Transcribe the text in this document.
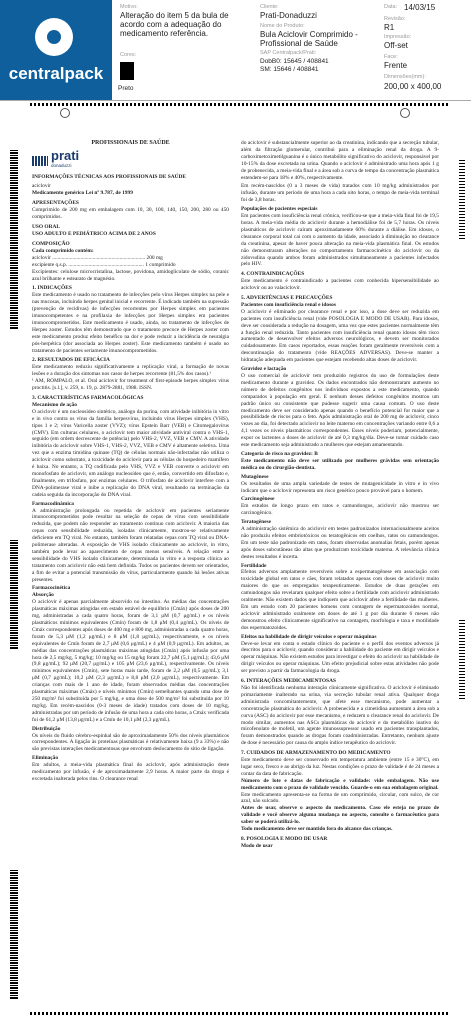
centralpack
Motivo:
Alteração do item 5 da bula de acordo com a adequação do medicamento referência.
Cores:
Preto
Cliente:
Prati-Donaduzzi
Nome do Produto:
Bula Aciclovir Comprimido - Profissional de Saúde
SAP Centralpack/Prati:
DobB0: 15645 / 408841
SM: 15646 / 408841
Data: 14/03/15
Revisão:
R1
Impressão:
Off-set
Face:
Frente
Dimensões(mm):
200,00 x 400,00

PROFISSIONAIS DE SAÚDE

prati
donaduzzi

INFORMAÇÕES TÉCNICAS AOS PROFISSIONAIS DE SAÚDE

aciclovir

Medicamento genérico Lei nº 9.787, de 1999

APRESENTAÇÕES

Comprimido de 200 mg em embalagem com 10, 30, 100, 140, 150, 200, 280 ou 450 comprimidos.

USO ORAL

USO ADULTO E PEDIÁTRICO ACIMA DE 2 ANOS

COMPOSIÇÃO

Cada comprimido contém:

aciclovir ..................................................................... 200 mg

excipiente q.s.p. ........................................................ 1 comprimido

Excipientes: celulose microcristalina, lactose, povidona, amidoglicolato de sódio, coranic azul brilhante e estearato de magnésio.

1. INDICAÇÕES

Este medicamento é usado no tratamento de infecções pelo vírus Herpes simplex na pele e nas mucosas, incluindo herpes genital inicial e recorrente. É indicado também na supressão (prevenção de recidivas) de infecções recorrentes por Herpes simplex em pacientes imunocompetentes e na profilaxia de infecções por Herpes simplex em pacientes imunocomprometidos. Este medicamento é usado, ainda, no tratamento de infecções de Herpes zoster. Estudos têm demonstrado que o tratamento precoce de Herpes zoster com este medicamento produz efeito benéfico na dor e pode reduzir a incidência de neuralgia pós-herpética (dor associada ao Herpes zoster). Este medicamento também é usado no tratamento de pacientes seriamente imunocomprometidos.

2. RESULTADOS DE EFICÁCIA

Este medicamento reduziu significativamente a replicação viral, a formação de novas lesões e a duração dos sintomas nos casos de herpes recorrente (81,5% dos casos).¹

¹ AM, ROMPALO, et al. Oral aciclovir for treatment of first-episode herpes simplex virus proctitis. [s.l.], v. 259, n. 19, p. 2879-2881, 1988. ISSN.

3. CARACTERÍSTICAS FARMACOLÓGICAS

Mecanismo de ação

O aciclovir é um nucleosídeo sintético, análogo da purina, com atividade inibitória in vitro e in vivo contra os vírus da família herpesvírus, incluindo vírus Herpes simplex (VHS), tipos 1 e 2; vírus Varicella zoster (VVZ); vírus Epstein Barr (VEB) e Citomegalovírus (CMV). Em culturas celulares, o aciclovir tem maior atividade antiviral contra o VHS-1, seguido (em ordem decrescente de potência) pelo VHS-2, VVZ, VEB e CMV. A atividade inibitória do aciclovir sobre VHS-1, VHS-2, VVZ, VEB e CMV é altamente seletiva. Uma vez que a enzima timidina quinase (TQ) de células normais não-infectadas não utiliza o aciclovir como substrato, a toxicidade do aciclovir para as células do hospedeiro mamífero é baixa. No entanto, a TQ codificada pelo VHS, VVZ e VEB converte o aciclovir em monofosfato de aciclovir, um análogo nucleosídeo que é, então, convertido em difosfato e, finalmente, em trifosfato, por enzimas celulares. O trifosfato de aciclovir interfere com a DNA-polimerase viral e inibe a replicação do DNA viral, resultando na terminação da cadeia seguida da incorporação do DNA viral.

Farmacodinâmica

A administração prolongada ou repetida de aciclovir em pacientes seriamente imunocomprometidos pode resultar na seleção de cepas de vírus com sensibilidade reduzida, que podem não responder ao tratamento contínuo com aciclovir. A maioria das cepas com sensibilidade reduzida, isoladas clinicamente, mostrou-se relativamente deficiente em TQ viral. No entanto, também foram relatadas cepas com TQ viral ou DNA-polimerase alteradas. A exposição de VHS isolado clinicamente ao aciclovir, in vitro, também pode levar ao aparecimento de cepas menos sensíveis. A relação entre a sensibilidade do VHS isolado clinicamente, determinada in vitro e a resposta clínica ao tratamento com aciclovir não está bem definida. Todos os pacientes devem ser orientados, a fim de evitar a potencial transmissão do vírus, particularmente quando há lesões ativas presentes.

Farmacocinética

Absorção

O aciclovir é apenas parcialmente absorvido no intestino. As médias das concentrações plasmáticas máximas atingidas em estado estável de equilíbrio (Cmáx) após doses de 200 mg, administradas a cada quatro horas, foram de 3,1 μM (0,7 μg/mL) e os níveis plasmáticos mínimos equivalentes (Cmín) foram de 1,8 μM (0,4 μg/mL). Os níveis de Cmáx correspondentes após doses de 400 mg e 800 mg, administradas a cada quatro horas, foram de 5,3 μM (1,2 μg/mL) e 8 μM (1,8 μg/mL), respectivamente, e os níveis equivalentes de Cmín foram de 2,7 μM (0,6 μg/mL) e 4 μM (0,9 μg/mL). Em adultos, as médias das concentrações plasmáticas máximas atingidas (Cmáx) após infusão por uma hora de 2,5 mg/kg, 5 mg/kg; 10 mg/kg ou 15 mg/kg foram 22,7 μM (5,1 μg/mL); 43,6 μM (9,8 μg/mL); 92 μM (20,7 μg/mL) e 105 μM (23,6 μg/mL), respectivamente. Os níveis mínimos equivalentes (Cmín), sete horas mais tarde, foram de 2,2 μM (0,5 μg/mL); 3,1 μM (0,7 μg/mL); 10,2 μM (2,3 μg/mL) e 8,8 μM (2,0 μg/mL), respectivamente. Em crianças com mais de 1 ano de idade, foram observados médias das concentrações plasmáticas máximas (Cmáx) e níveis mínimos (Cmín) semelhantes quando uma dose de 250 mg/m² foi substituída por 5 mg/kg, e uma dose de 500 mg/m² foi substituída por 10 mg/kg. Em recém-nascidos (0-3 meses de idade) tratados com doses de 10 mg/kg, administradas por um período de infusão de uma hora a cada oito horas, a Cmáx verificada foi de 61,2 μM (13,8 μg/mL) e a Cmín de 10,1 μM (2,3 μg/mL).

Distribuição

Os níveis do fluido cérebro-espinhal são de aproximadamente 50% dos níveis plasmáticos correspondentes. A ligação às proteínas plasmáticas é relativamente baixa (9 a 33%) e não são previstas interações medicamentosas que envolvam deslocamento do sítio de ligação.

Eliminação

Em adultos, a meia-vida plasmática final do aciclovir, após administração deste medicamento por infusão, é de aproximadamente 2,9 horas. A maior parte da droga é excretada inalterada pelos rins. O clearance renal

do aciclovir é substancialmente superior ao da creatinina, indicando que a secreção tubular, além da filtração glomerular, contribui para a eliminação renal da droga. A 9-carboximetoximetilguanina é o único metabólito significativo do aciclovir, responsável por 10-15% da dose excretada na urina. Quando o aciclovir é administrado uma hora após 1 g de probenecida, a meia-vida final e a área sob a curva de tempo da concentração plasmática estendem-se para 18% e 40%, respectivamente.

Em recém-nascidos (0 a 3 meses de vida) tratados com 10 mg/kg administrados por infusão, durante um período de uma hora a cada oito horas, o tempo de meia-vida terminal foi de 3,8 horas.

Populações de pacientes especiais

Em pacientes com insuficiência renal crônica, verificou-se que a meia-vida final foi de 19,5 horas. A meia-vida média do aciclovir durante a hemodiálise foi de 5,7 horas. Os níveis plasmáticos de aciclovir caíram aproximadamente 60% durante a diálise. Em idosos, o clearance corporal total cai com o aumento da idade, associado à diminuição no clearance da creatinina, apesar de haver pouca alteração na meia-vida plasmática final. Os estudos não demonstraram alterações no comportamento farmacocinético do aciclovir ou da zidovudina quando ambos foram administrados simultaneamente a pacientes infectados pelo HIV.

4. CONTRAINDICAÇÕES

Este medicamento é contraindicado a pacientes com conhecida hipersensibilidade ao aciclovir ou ao valaciclovir.

5. ADVERTÊNCIAS E PRECAUÇÕES

Pacientes com insuficiência renal e idosos

O aciclovir é eliminado por clearance renal e por isso, a dose deve ser reduzida em pacientes com insuficiência renal (vide POSOLOGIA E MODO DE USAR). Para idosos, deve ser considerada a redução na dosagem, uma vez que estes pacientes normalmente têm a função renal reduzida. Tanto pacientes com insuficiência renal quanto idosos têm risco aumentado de desenvolver efeitos adversos neurológicos, e devem ser monitorados cuidadosamente. Em casos reportados, essas reações foram geralmente reversíveis com a descontinuação do tratamento (vide REAÇÕES ADVERSAS). Deve-se manter a hidratação adequada em pacientes que estejam recebendo altas doses de aciclovir.

Gravidez e lactação

O uso comercial de aciclovir tem produzido registros do uso de formulações deste medicamento durante a gravidez. Os dados encontrados não demonstraram aumento no número de defeitos congênitos nos indivíduos expostos a este medicamento, quando comparados à população em geral. E nenhum desses defeitos congênitos mostrou um padrão único ou consistente que pudesse sugerir uma causa comum. O uso deste medicamento deve ser considerado apenas quando o benefício potencial for maior que a possibilidade de riscos para o feto. Após administração oral de 200 mg de aciclovir, cinco vezes ao dia, foi detectado aciclovir no leite materno em concentrações variando entre 0,6 a 4,1 vezes os níveis plasmáticos correspondentes. Esses níveis poderiam, potencialmente, expor os lactentes a doses de aciclovir de até 0,3 mg/kg/dia. Deve-se tomar cuidado caso este medicamento seja administrado a mulheres que estejam amamentando.

Categoria de risco na gravidez: B

Este medicamento não deve ser utilizado por mulheres grávidas sem orientação médica ou do cirurgião-dentista.

Mutagênese

Os resultados de uma ampla variedade de testes de mutagenicidade in vitro e in vivo indicam que o aciclovir representa um risco genético pouco provável para o homem.

Carcinogênese

Em estudos de longo prazo em ratos e camundongos, aciclovir não mostrou ser carcinogênico.

Teratogênese

A administração sistêmica do aciclovir em testes padronizados internacionalmente aceitos não produziu efeitos embriotóxicos ou teratogênicos em coelhos, ratos ou camundongos. Em um teste não padronizado em ratos, foram observadas anomalias fetais, porém apenas após doses subcutâneas tão altas que produziram toxicidade materna. A relevância clínica destes resultados é incerta.

Fertilidade

Efeitos adversos amplamente reversíveis sobre a espermatogênese em associação com toxicidade global em ratos e cães, foram relatados apenas com doses de aciclovir muito maiores do que os empregados terapeuticamente. Estudos de duas gerações em camundongos não revelaram qualquer efeito sobre a fertilidade com aciclovir administrado oralmente. Não existem dados que indiquem que aciclovir afete a fertilidade das mulheres. Em um estudo com 20 pacientes homens com contagem de espermatozoides normal, aciclovir administrado oralmente em doses de até 1 g por dia durante 6 meses não demonstrou efeito clinicamente significativo na contagem, morfologia e taxa e motilidade dos espermatozoides.

Efeitos na habilidade de dirigir veículos e operar máquinas

Deve-se levar em conta o estado clínico do paciente e o perfil dos eventos adversos já descritos para o aciclovir, quando considerar a habilidade do paciente em dirigir veículos e operar máquinas. Não existem estudos para investigar o efeito do aciclovir na habilidade de dirigir veículos ou operar máquinas. Um efeito prejudicial sobre estas atividades não pode ser previsto a partir da farmacologia da droga.

6. INTERAÇÕES MEDICAMENTOSAS

Não foi identificada nenhuma interação clinicamente significativa. O aciclovir é eliminado primariamente inalterado na urina, via secreção tubular renal ativa. Qualquer droga administrada concomitantemente, que afete esse mecanismo, pode aumentar a concentração plasmática do aciclovir. A probenecida e a cimetidina aumentam a área sob a curva (ASC) do aciclovir por esse mecanismo, e reduzem o clearance renal do aciclovir. De modo similar, aumentos nas ASCs plasmáticas do aciclovir e do metabólito inativo do micofenolato de mofetil, um agente imunossupressor usado em pacientes transplantados, foram demonstrados quando as drogas foram coadministradas. Entretanto, nenhum ajuste de dose é necessário por causa do amplo índice terapêutico do aciclovir.

7. CUIDADOS DE ARMAZENAMENTO DO MEDICAMENTO

Este medicamento deve ser conservado em temperatura ambiente (entre 15 e 30°C), em lugar seco, fresco e ao abrigo da luz. Nestas condições o prazo de validade é de 24 meses a contar da data de fabricação.

Número de lote e datas de fabricação e validade: vide embalagem. Não use medicamento com o prazo de validade vencido. Guarde-o em sua embalagem original.

Este medicamento apresenta-se na forma de um comprimido, circular, com sulco, de cor azul, não sulcado.

Antes de usar, observe o aspecto do medicamento. Caso ele esteja no prazo de validade e você observe alguma mudança no aspecto, consulte o farmacêutico para saber se poderá utilizá-lo.

Todo medicamento deve ser mantido fora do alcance das crianças.

8. POSOLOGIA E MODO DE USAR

Modo de usar
